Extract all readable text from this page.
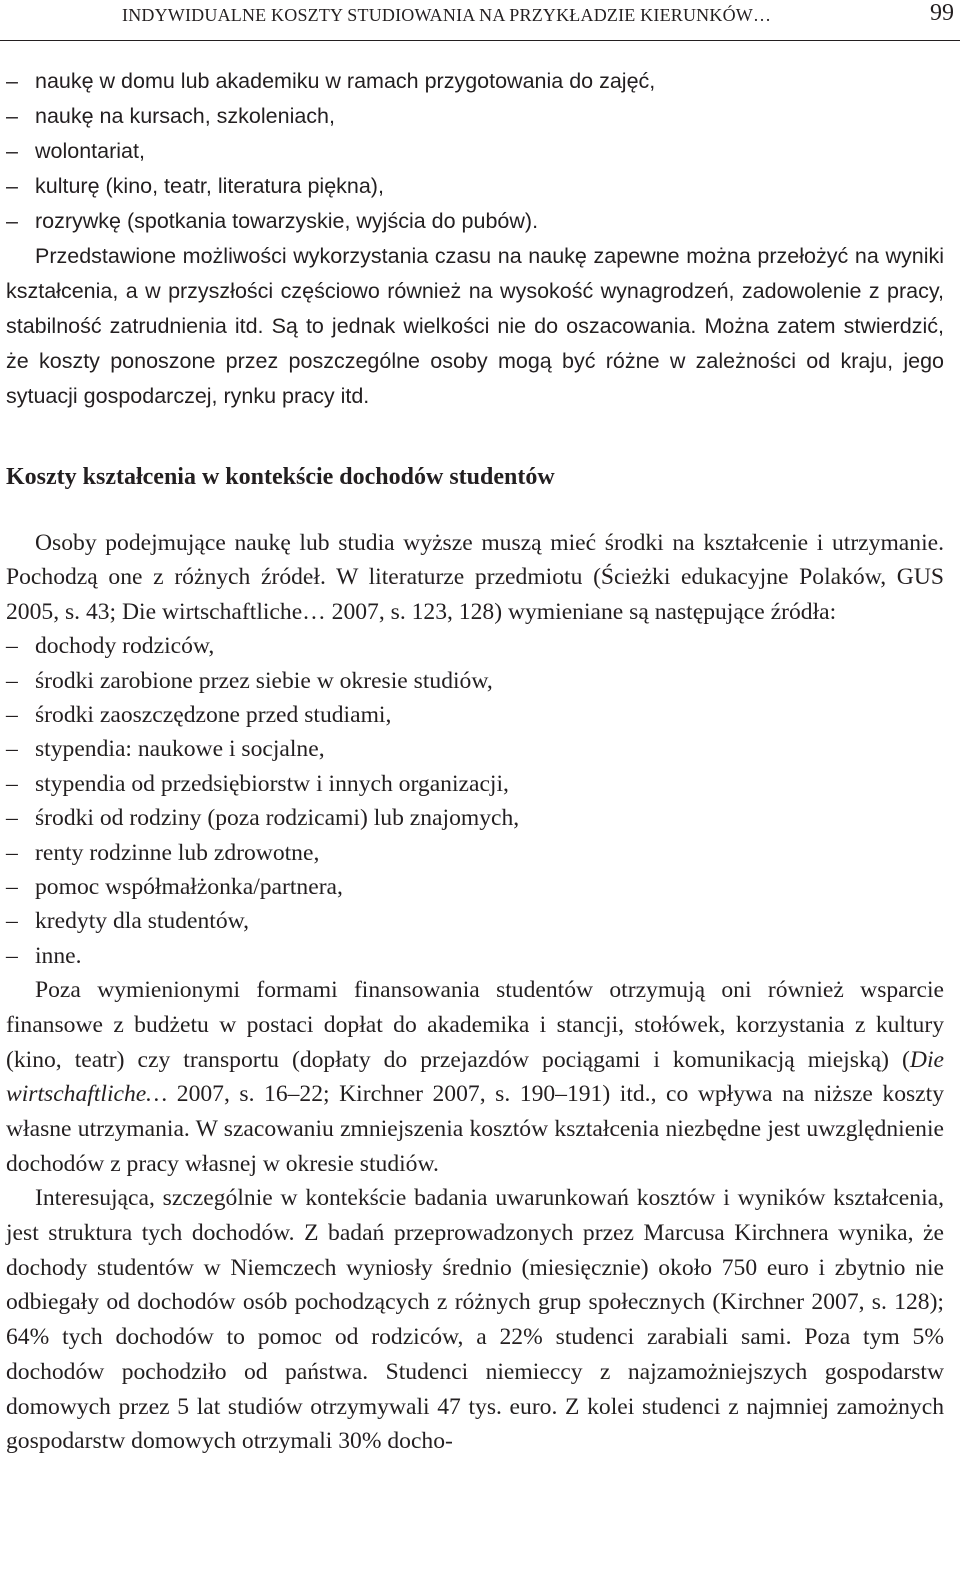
INDYWIDUALNE KOSZTY STUDIOWANIA NA PRZYKŁADZIE KIERUNKÓW…	99
– naukę w domu lub akademiku w ramach przygotowania do zajęć,
– naukę na kursach, szkoleniach,
– wolontariat,
– kulturę (kino, teatr, literatura piękna),
– rozrywkę (spotkania towarzyskie, wyjścia do pubów).

Przedstawione możliwości wykorzystania czasu na naukę zapewne można przełożyć na wyniki kształcenia, a w przyszłości częściowo również na wysokość wynagrodzeń, zadowolenie z pracy, stabilność zatrudnienia itd. Są to jednak wielkości nie do oszacowania. Można zatem stwierdzić, że koszty ponoszone przez poszczególne osoby mogą być różne w zależności od kraju, jego sytuacji gospodarczej, rynku pracy itd.

Koszty kształcenia w kontekście dochodów studentów

Osoby podejmujące naukę lub studia wyższe muszą mieć środki na kształcenie i utrzymanie. Pochodzą one z różnych źródeł. W literaturze przedmiotu (Ścieżki edukacyjne Polaków, GUS 2005, s. 43; Die wirtschaftliche… 2007, s. 123, 128) wymieniane są następujące źródła:

– dochody rodziców,
– środki zarobione przez siebie w okresie studiów,
– środki zaoszczędzone przed studiami,
– stypendia: naukowe i socjalne,
– stypendia od przedsiębiorstw i innych organizacji,
– środki od rodziny (poza rodzicami) lub znajomych,
– renty rodzinne lub zdrowotne,
– pomoc współmałżonka/partnera,
– kredyty dla studentów,
– inne.

Poza wymienionymi formami finansowania studentów otrzymują oni również wsparcie finansowe z budżetu w postaci dopłat do akademika i stancji, stołówek, korzystania z kultury (kino, teatr) czy transportu (dopłaty do przejazdów pociągami i komunikacją miejską) (Die wirtschaftliche… 2007, s. 16–22; Kirchner 2007, s. 190–191) itd., co wpływa na niższe koszty własne utrzymania. W szacowaniu zmniejszenia kosztów kształcenia niezbędne jest uwzględnienie dochodów z pracy własnej w okresie studiów.

Interesująca, szczególnie w kontekście badania uwarunkowań kosztów i wyników kształcenia, jest struktura tych dochodów. Z badań przeprowadzonych przez Marcusa Kirchnera wynika, że dochody studentów w Niemczech wyniosły średnio (miesięcznie) około 750 euro i zbytnio nie odbiegały od dochodów osób pochodzących z różnych grup społecznych (Kirchner 2007, s. 128); 64% tych dochodów to pomoc od rodziców, a 22% studenci zarabiali sami. Poza tym 5% dochodów pochodziło od państwa. Studenci niemieccy z najzamożniejszych gospodarstw domowych przez 5 lat studiów otrzymywali 47 tys. euro. Z kolei studenci z najmniej zamożnych gospodarstw domowych otrzymali 30% docho-
